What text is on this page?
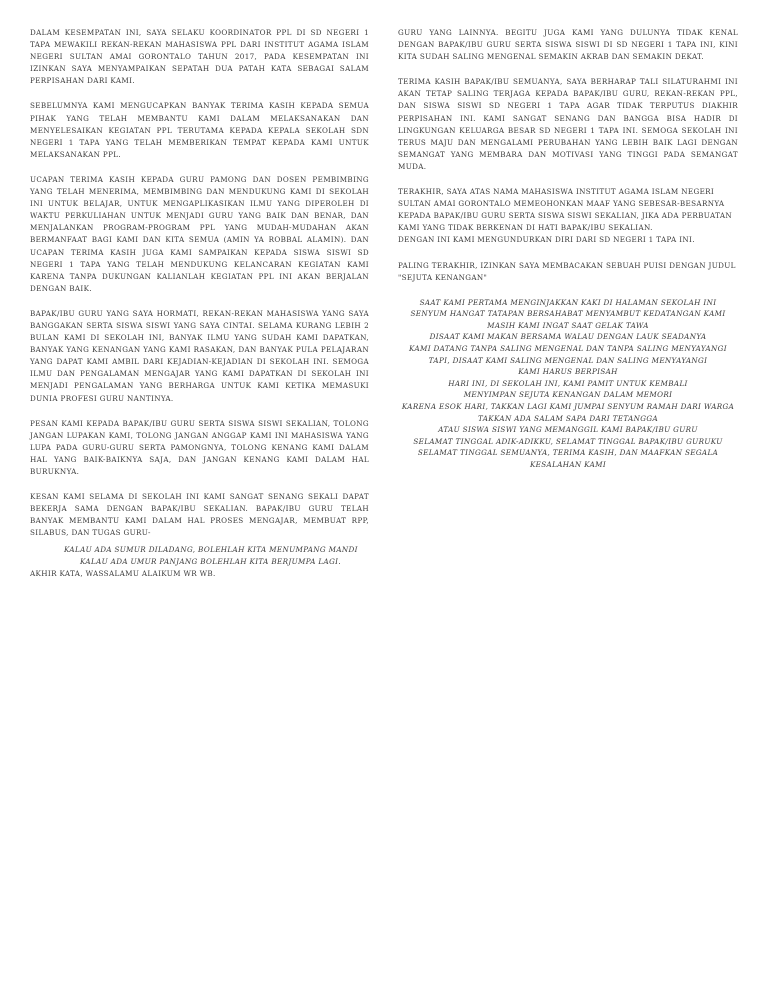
DALAM KESEMPATAN INI, SAYA SELAKU KOORDINATOR PPL DI SD NEGERI 1 TAPA MEWAKILI REKAN-REKAN MAHASISWA PPL DARI INSTITUT AGAMA ISLAM NEGERI SULTAN AMAI GORONTALO TAHUN 2017, PADA KESEMPATAN INI IZINKAN SAYA MENYAMPAIKAN SEPATAH DUA PATAH KATA SEBAGAI SALAM PERPISAHAN DARI KAMI.

SEBELUMNYA KAMI MENGUCAPKAN BANYAK TERIMA KASIH KEPADA SEMUA PIHAK YANG TELAH MEMBANTU KAMI DALAM MELAKSANAKAN DAN MENYELESAIKAN KEGIATAN PPL TERUTAMA KEPADA KEPALA SEKOLAH SDN NEGERI 1 TAPA YANG TELAH MEMBERIKAN TEMPAT KEPADA KAMI UNTUK MELAKSANAKAN PPL.

UCAPAN TERIMA KASIH KEPADA GURU PAMONG DAN DOSEN PEMBIMBING YANG TELAH MENERIMA, MEMBIMBING DAN MENDUKUNG KAMI DI SEKOLAH INI UNTUK BELAJAR, UNTUK MENGAPLIKASIKAN ILMU YANG DIPEROLEH DI WAKTU PERKULIAHAN UNTUK MENJADI GURU YANG BAIK DAN BENAR, DAN MENJALANKAN PROGRAM-PROGRAM PPL YANG MUDAH-MUDAHAN AKAN BERMANFAAT BAGI KAMI DAN KITA SEMUA (AMIN YA ROBBAL ALAMIN). DAN UCAPAN TERIMA KASIH JUGA KAMI SAMPAIKAN KEPADA SISWA SISWI SD NEGERI 1 TAPA YANG TELAH MENDUKUNG KELANCARAN KEGIATAN KAMI KARENA TANPA DUKUNGAN KALIANLAH KEGIATAN PPL INI AKAN BERJALAN DENGAN BAIK.

BAPAK/IBU GURU YANG SAYA HORMATI, REKAN-REKAN MAHASISWA YANG SAYA BANGGAKAN SERTA SISWA SISWI YANG SAYA CINTAI. SELAMA KURANG LEBIH 2 BULAN KAMI DI SEKOLAH INI, BANYAK ILMU YANG SUDAH KAMI DAPATKAN, BANYAK YANG KENANGAN YANG KAMI RASAKAN, DAN BANYAK PULA PELAJARAN YANG DAPAT KAMI AMBIL DARI KEJADIAN-KEJADIAN DI SEKOLAH INI. SEMOGA ILMU DAN PENGALAMAN MENGAJAR YANG KAMI DAPATKAN DI SEKOLAH INI MENJADI PENGALAMAN YANG BERHARGA UNTUK KAMI KETIKA MEMASUKI DUNIA PROFESI GURU NANTINYA.

PESAN KAMI KEPADA BAPAK/IBU GURU SERTA SISWA SISWI SEKALIAN, TOLONG JANGAN LUPAKAN KAMI, TOLONG JANGAN ANGGAP KAMI INI MAHASISWA YANG LUPA PADA GURU-GURU SERTA PAMONGNYA, TOLONG KENANG KAMI DALAM HAL YANG BAIK-BAIKNYA SAJA, DAN JANGAN KENANG KAMI DALAM HAL BURUKNYA.

KESAN KAMI SELAMA DI SEKOLAH INI KAMI SANGAT SENANG SEKALI DAPAT BEKERJA SAMA DENGAN BAPAK/IBU SEKALIAN. BAPAK/IBU GURU TELAH BANYAK MEMBANTU KAMI DALAM HAL PROSES MENGAJAR, MEMBUAT RPP, SILABUS, DAN TUGAS GURU-

KALAU ADA SUMUR DILADANG, BOLEHLAH KITA MENUMPANG MANDI
KALAU ADA UMUR PANJANG BOLEHLAH KITA BERJUMPA LAGI.
AKHIR KATA, WASSALAMU ALAIKUM WR WB.

GURU YANG LAINNYA. BEGITU JUGA KAMI YANG DULUNYA TIDAK KENAL DENGAN BAPAK/IBU GURU SERTA SISWA SISWI DI SD NEGERI 1 TAPA INI, KINI KITA SUDAH SALING MENGENAL SEMAKIN AKRAB DAN SEMAKIN DEKAT.

TERIMA KASIH BAPAK/IBU SEMUANYA, SAYA BERHARAP TALI SILATURAHMI INI AKAN TETAP SALING TERJAGA KEPADA BAPAK/IBU GURU, REKAN-REKAN PPL, DAN SISWA SISWI SD NEGERI 1 TAPA AGAR TIDAK TERPUTUS DIAKHIR PERPISAHAN INI. KAMI SANGAT SENANG DAN BANGGA BISA HADIR DI LINGKUNGAN KELUARGA BESAR SD NEGERI 1 TAPA INI. SEMOGA SEKOLAH INI TERUS MAJU DAN MENGALAMI PERUBAHAN YANG LEBIH BAIK LAGI DENGAN SEMANGAT YANG MEMBARA DAN MOTIVASI YANG TINGGI PADA SEMANGAT MUDA.

TERAKHIR, SAYA ATAS NAMA MAHASISWA INSTITUT AGAMA ISLAM NEGERI SULTAN AMAI GORONTALO MEMEOHONKAN MAAF YANG SEBESAR-BESARNYA KEPADA BAPAK/IBU GURU SERTA SISWA SISWI SEKALIAN, JIKA ADA PERBUATAN KAMI YANG TIDAK BERKENAN DI HATI BAPAK/IBU SEKALIAN.
DENGAN INI KAMI MENGUNDURKAN DIRI DARI SD NEGERI 1 TAPA INI.

PALING TERAKHIR, IZINKAN SAYA MEMBACAKAN SEBUAH PUISI DENGAN JUDUL "SEJUTA KENANGAN"

SAAT KAMI PERTAMA MENGINJAKKAN KAKI DI HALAMAN SEKOLAH INI
SENYUM HANGAT TATAPAN BERSAHABAT MENYAMBUT KEDATANGAN KAMI
MASIH KAMI INGAT SAAT GELAK TAWA
DISAAT KAMI MAKAN BERSAMA WALAU DENGAN LAUK SEADANYA
KAMI DATANG TANPA SALING MENGENAL DAN TANPA SALING MENYAYANGI
TAPI, DISAAT KAMI SALING MENGENAL DAN SALING MENYAYANGI
KAMI HARUS BERPISAH
HARI INI, DI SEKOLAH INI, KAMI PAMIT UNTUK KEMBALI
MENYIMPAN SEJUTA KENANGAN DALAM MEMORI
KARENA ESOK HARI, TAKKAN LAGI KAMI JUMPAI SENYUM RAMAH DARI WARGA
TAKKAN ADA SALAM SAPA DARI TETANGGA
ATAU SISWA SISWI YANG MEMANGGIL KAMI BAPAK/IBU GURU
SELAMAT TINGGAL ADIK-ADIKKU, SELAMAT TINGGAL BAPAK/IBU GURUKU
SELAMAT TINGGAL SEMUANYA, TERIMA KASIH, DAN MAAFKAN SEGALA KESALAHAN KAMI
